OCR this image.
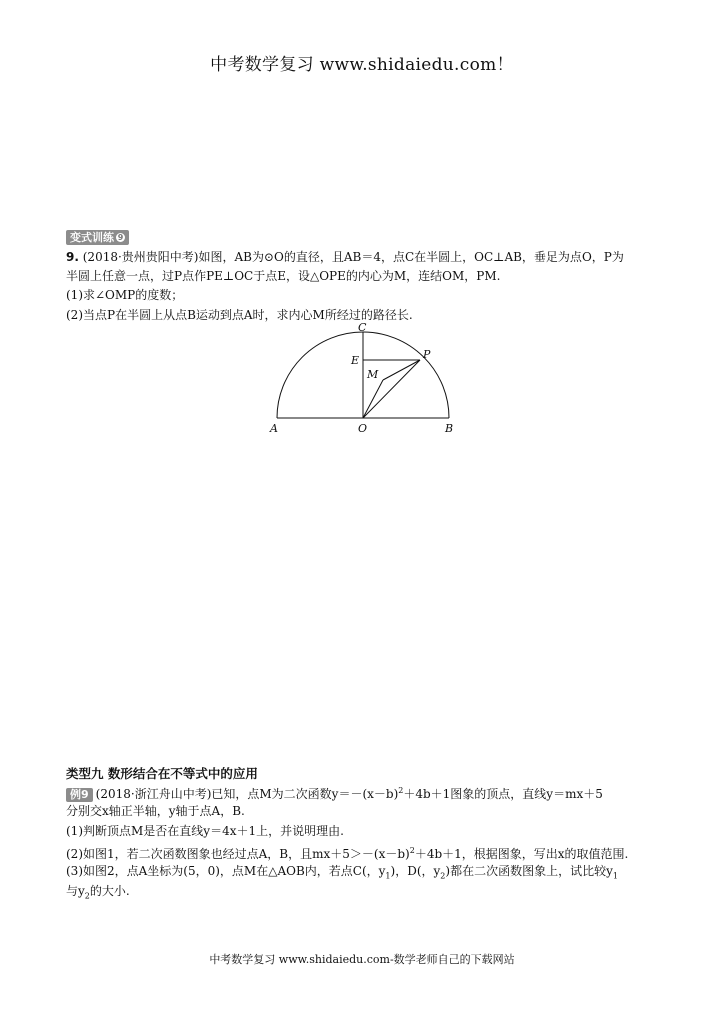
中考数学复习 www.shidaiedu.com！
变式训练 9
9. (2018·贵州贵阳中考)如图，AB为⊙O的直径，且AB＝4，点C在半圆上，OC⊥AB，垂足为点O，P为
半圆上任意一点，过P点作PE⊥OC于点E，设△OPE的内心为M，连结OM，PM.
(1)求∠OMP的度数；
(2)当点P在半圆上从点B运动到点A时，求内心M所经过的路径长.
C
E	P
M
A	O	B
类型九 数形结合在不等式中的应用
例9 (2018·浙江舟山中考)已知，点M为二次函数$y=-(x-b)^2+4b+1$图象的顶点，直线y＝mx＋5
分别交x轴正半轴，y轴于点A，B.
(1)判断顶点M是否在直线y＝4x＋1上，并说明理由.
(2)如图1，若二次函数图象也经过点A，B，且$mx+5>-(x-b)^2+4b+1$，根据图象，写出x的取值范围.
(3)如图2，点A坐标为(5，0)，点M在△AOB内，若点C(，$y_1$)，D(，$y_2$)都在二次函数图象上，试比较$y_1$
与$y_2$的大小.
中考数学复习 www.shidaiedu.com-数学老师自己的下载网站
